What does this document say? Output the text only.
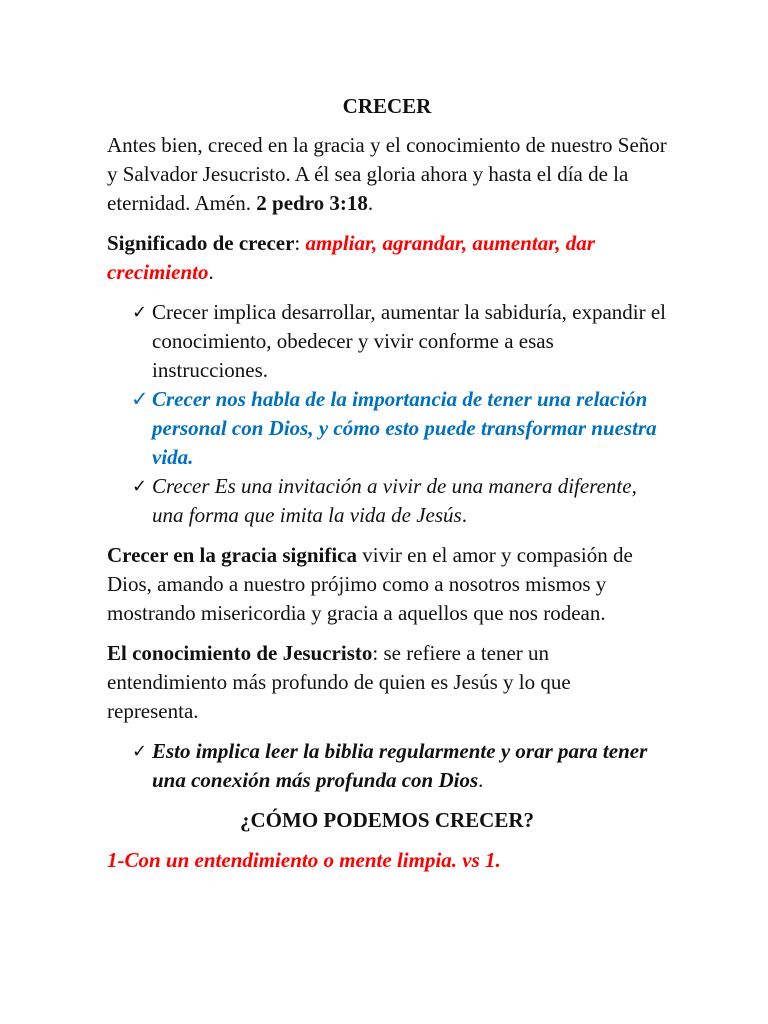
CRECER

Antes bien, creced en la gracia y el conocimiento de nuestro Señor y Salvador Jesucristo. A él sea gloria ahora y hasta el día de la eternidad. Amén. 2 pedro 3:18.

Significado de crecer: ampliar, agrandar, aumentar, dar crecimiento.

✓ Crecer implica desarrollar, aumentar la sabiduría, expandir el conocimiento, obedecer y vivir conforme a esas instrucciones.
✓ Crecer nos habla de la importancia de tener una relación personal con Dios, y cómo esto puede transformar nuestra vida.
✓ Crecer Es una invitación a vivir de una manera diferente, una forma que imita la vida de Jesús.

Crecer en la gracia significa vivir en el amor y compasión de Dios, amando a nuestro prójimo como a nosotros mismos y mostrando misericordia y gracia a aquellos que nos rodean.

El conocimiento de Jesucristo: se refiere a tener un entendimiento más profundo de quien es Jesús y lo que representa.

✓ Esto implica leer la biblia regularmente y orar para tener una conexión más profunda con Dios.

¿CÓMO PODEMOS CRECER?

1-Con un entendimiento o mente limpia. vs 1.
